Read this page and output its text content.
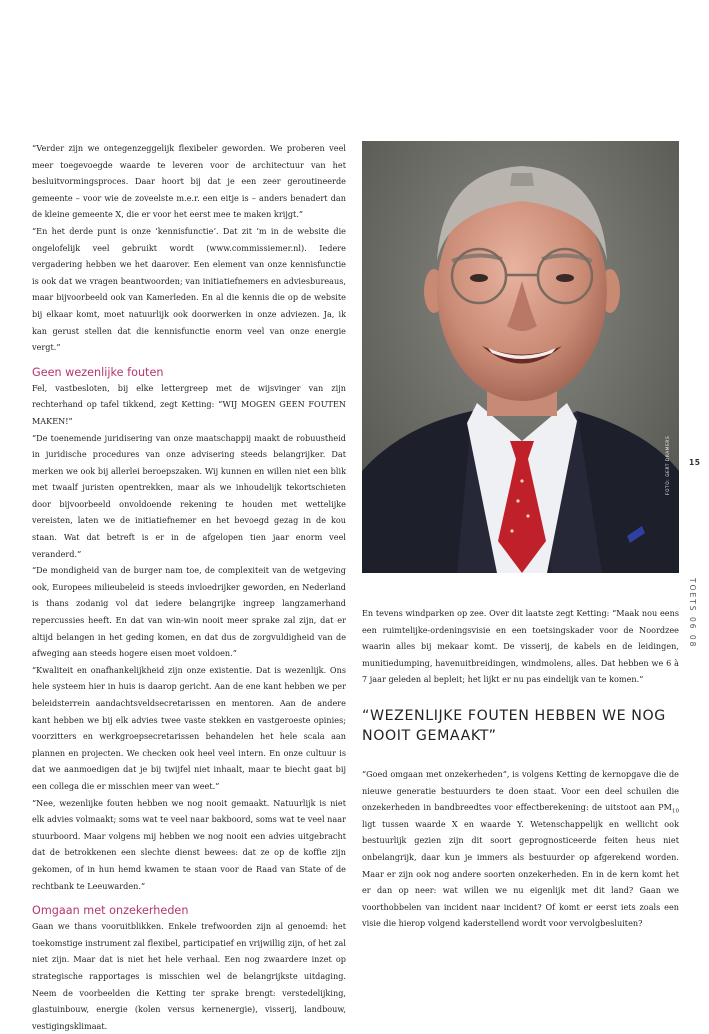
“Verder zijn we ontegenzeggelijk flexibeler geworden. We proberen veel meer toegevoegde waarde te leveren voor de architectuur van het besluitvormingsproces. Daar hoort bij dat je een zeer geroutineerde gemeente – voor wie de zoveelste m.e.r. een eitje is – anders benadert dan de kleine gemeente X, die er voor het eerst mee te maken krijgt.”

“En het derde punt is onze ‘kennisfunctie’. Dat zit ‘m in de website die ongelofelijk veel gebruikt wordt (www.commissiemer.nl). Iedere vergadering hebben we het daarover. Een element van onze kennisfunctie is ook dat we vragen beantwoorden; van initiatiefnemers en adviesbureaus, maar bijvoorbeeld ook van Kamerleden. En al die kennis die op de website bij elkaar komt, moet natuurlijk ook doorwerken in onze adviezen. Ja, ik kan gerust stellen dat die kennisfunctie enorm veel van onze energie vergt.”

Geen wezenlijke fouten

Fel, vastbesloten, bij elke lettergreep met de wijsvinger van zijn rechterhand op tafel tikkend, zegt Ketting: “WIJ MOGEN GEEN FOUTEN MAKEN!”

“De toenemende juridisering van onze maatschappij maakt de robuustheid in juridische procedures van onze advisering steeds belangrijker. Dat merken we ook bij allerlei beroepszaken. Wij kunnen en willen niet een blik met twaalf juristen opentrekken, maar als we inhoudelijk tekortschieten door bijvoorbeeld onvoldoende rekening te houden met wettelijke vereisten, laten we de initiatiefnemer en het bevoegd gezag in de kou staan. Wat dat betreft is er in de afgelopen tien jaar enorm veel veranderd.”

“De mondigheid van de burger nam toe, de complexiteit van de wetgeving ook, Europees milieubeleid is steeds invloedrijker geworden, en Nederland is thans zodanig vol dat iedere belangrijke ingreep langzamerhand repercussies heeft. En dat van win-win nooit meer sprake zal zijn, dat er altijd belangen in het geding komen, en dat dus de zorgvuldigheid van de afweging aan steeds hogere eisen moet voldoen.”

“Kwaliteit en onafhankelijkheid zijn onze existentie. Dat is wezenlijk. Ons hele systeem hier in huis is daarop gericht. Aan de ene kant hebben we per beleidsterrein aandachtsveldsecretarissen en mentoren. Aan de andere kant hebben we bij elk advies twee vaste stekken en vastgeroeste opinies; voorzitters en werkgroepsecretarissen behandelen het hele scala aan plannen en projecten. We checken ook heel veel intern. En onze cultuur is dat we aanmoedigen dat je bij twijfel niet inhaalt, maar te biecht gaat bij een collega die er misschien meer van weet.”

“Nee, wezenlijke fouten hebben we nog nooit gemaakt. Natuurlijk is niet elk advies volmaakt; soms wat te veel naar bakboord, soms wat te veel naar stuurboord. Maar volgens mij hebben we nog nooit een advies uitgebracht dat de betrokkenen een slechte dienst bewees: dat ze op de koffie zijn gekomen, of in hun hemd kwamen te staan voor de Raad van State of de rechtbank te Leeuwarden.”

Omgaan met onzekerheden

Gaan we thans vooruitblikken. Enkele trefwoorden zijn al genoemd: het toekomstige instrument zal flexibel, participatief en vrijwillig zijn, of het zal niet zijn. Maar dat is niet het hele verhaal. Een nog zwaardere inzet op strategische rapportages is misschien wel de belangrijkste uitdaging. Neem de voorbeelden die Ketting ter sprake brengt: verstedelijking, glastuinbouw, energie (kolen versus kernenergie), visserij, landbouw, vestigingsklimaat.

FOTO: GERT DRAMERS 15
TOETS 06 08

En tevens windparken op zee. Over dit laatste zegt Ketting: “Maak nou eens een ruimtelijke-ordeningsvisie en een toetsingskader voor de Noordzee waarin alles bij mekaar komt. De visserij, de kabels en de leidingen, munitiedumping, havenuitbreidingen, windmolens, alles. Dat hebben we 6 à 7 jaar geleden al bepleit; het lijkt er nu pas eindelijk van te komen.”

“WEZENLIJKE FOUTEN HEBBEN WE NOG NOOIT GEMAAKT”

“Goed omgaan met onzekerheden”, is volgens Ketting de kernopgave die de nieuwe generatie bestuurders te doen staat. Voor een deel schuilen die onzekerheden in bandbreedtes voor effectberekening: de uitstoot aan $PM_{10}$ ligt tussen waarde X en waarde Y. Wetenschappelijk en wellicht ook bestuurlijk gezien zijn dit soort geprognosticeerde feiten heus niet onbelangrijk, daar kun je immers als bestuurder op afgerekend worden. Maar er zijn ook nog andere soorten onzekerheden. En in de kern komt het er dan op neer: wat willen we nu eigenlijk met dit land? Gaan we voorthobbelen van incident naar incident? Of komt er eerst iets zoals een visie die hierop volgend kaderstellend wordt voor vervolgbesluiten?
